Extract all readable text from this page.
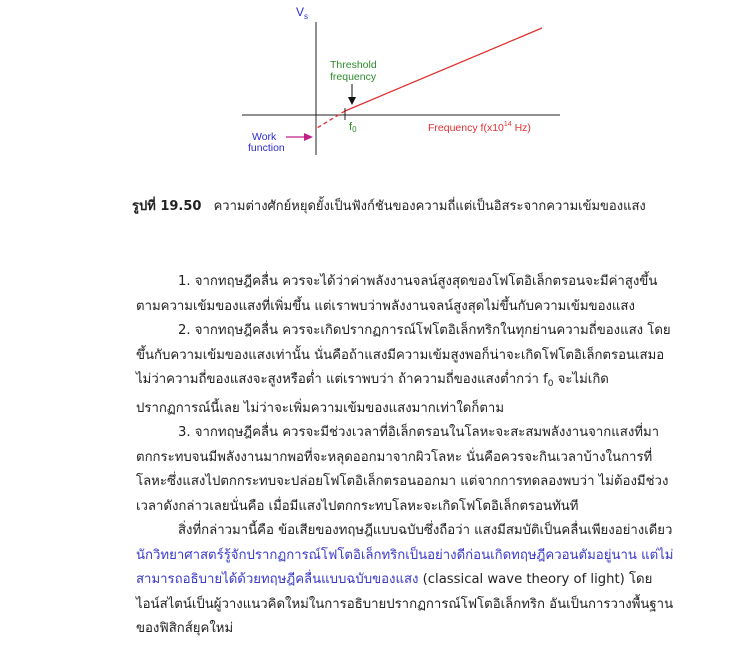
$V_s$
Threshold
frequency
f0	Frequency $f(x10^{14}$ Hz)
Work
function
รูปที่ 19.50 ความต่างศักย์หยุดยั้งเป็นฟังก์ชันของความถี่แต่เป็นอิสระจากความเข้มของแสง

1. จากทฤษฎีคลื่น ควรจะได้ว่าค่าพลังงานจลน์สูงสุดของโฟโตอิเล็กตรอนจะมีค่าสูงขึ้นตามความเข้มของแสงที่เพิ่มขึ้น แต่เราพบว่าพลังงานจลน์สูงสุดไม่ขึ้นกับความเข้มของแสง

2. จากทฤษฎีคลื่น ควรจะเกิดปรากฏการณ์โฟโตอิเล็กทริกในทุกย่านความถี่ของแสง โดยขึ้นกับความเข้มของแสงเท่านั้น นั่นคือถ้าแสงมีความเข้มสูงพอก็น่าจะเกิดโฟโตอิเล็กตรอนเสมอไม่ว่าความถี่ของแสงจะสูงหรือต่ำ แต่เราพบว่า ถ้าความถี่ของแสงต่ำกว่า $f_0$ จะไม่เกิดปรากฏการณ์นี้เลย ไม่ว่าจะเพิ่มความเข้มของแสงมากเท่าใดก็ตาม

3. จากทฤษฎีคลื่น ควรจะมีช่วงเวลาที่อิเล็กตรอนในโลหะจะสะสมพลังงานจากแสงที่มาตกกระทบจนมีพลังงานมากพอที่จะหลุดออกมาจากผิวโลหะ นั่นคือควรจะกินเวลาบ้างในการที่โลหะซึ่งแสงไปตกกระทบจะปล่อยโฟโตอิเล็กตรอนออกมา แต่จากการทดลองพบว่า ไม่ต้องมีช่วงเวลาดังกล่าวเลยนั่นคือ เมื่อมีแสงไปตกกระทบโลหะจะเกิดโฟโตอิเล็กตรอนทันที

สิ่งที่กล่าวมานี้คือ ข้อเสียของทฤษฎีแบบฉบับซึ่งถือว่า แสงมีสมบัติเป็นคลื่นเพียงอย่างเดียว นักวิทยาศาสตร์รู้จักปรากฏการณ์โฟโตอิเล็กทริกเป็นอย่างดีก่อนเกิดทฤษฎีควอนตัมอยู่นาน แต่ไม่สามารถอธิบายได้ด้วยทฤษฎีคลื่นแบบฉบับของแสง (classical wave theory of light) โดยไอน์สไตน์เป็นผู้วางแนวคิดใหม่ในการอธิบายปรากฏการณ์โฟโตอิเล็กทริก อันเป็นการวางพื้นฐานของฟิสิกส์ยุคใหม่
